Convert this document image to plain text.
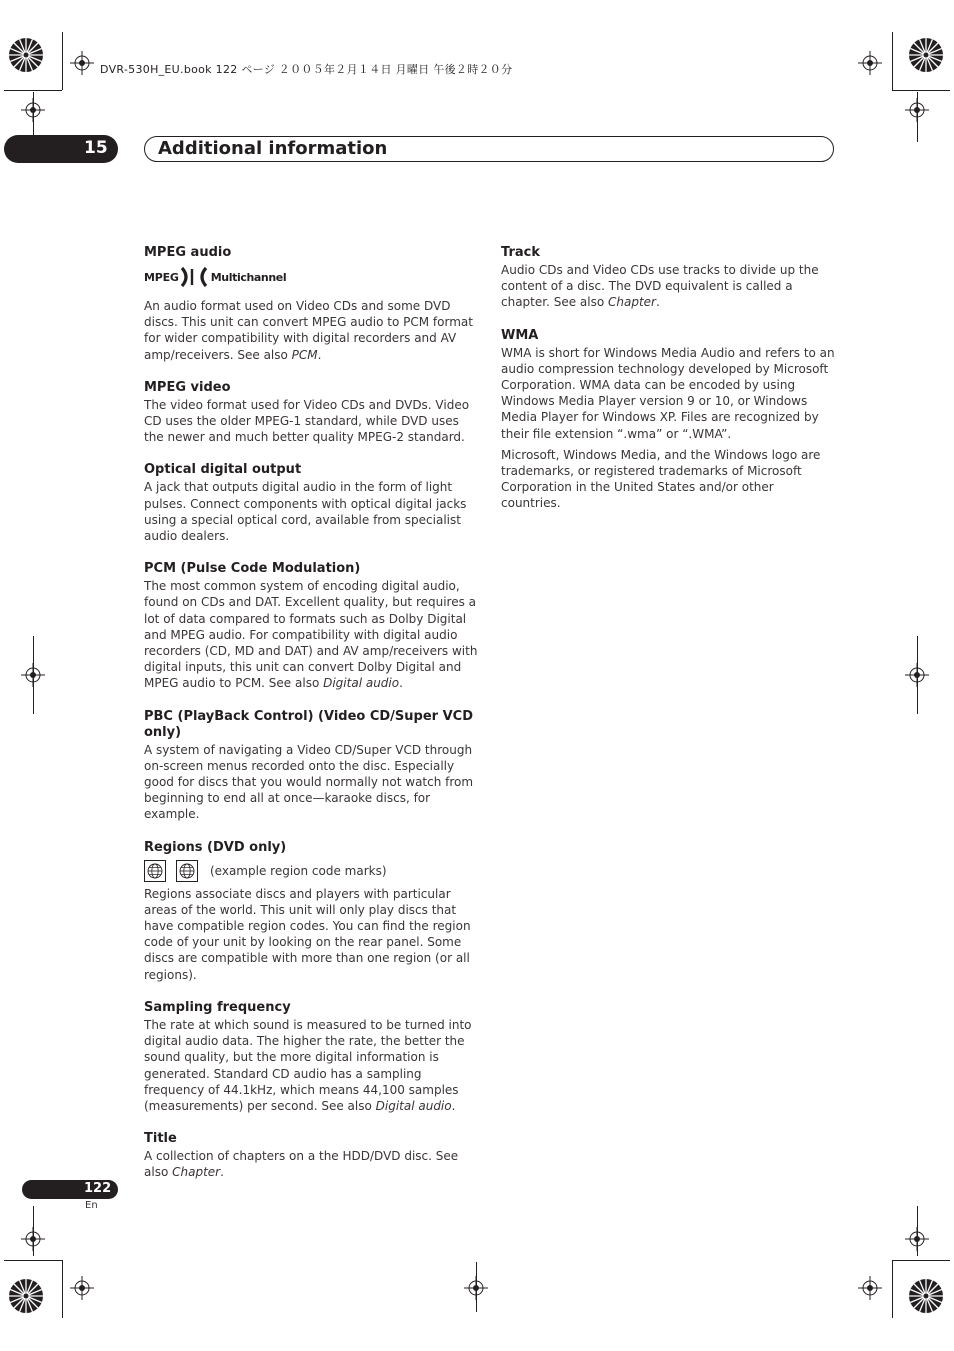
DVR-530H_EU.book 122 ページ ２００５年２月１４日 月曜日 午後２時２０分
15	Additional information

MPEG audio

MPEG	Multichannel

An audio format used on Video CDs and some DVD discs. This unit can convert MPEG audio to PCM format for wider compatibility with digital recorders and AV amp/receivers. See also PCM.

MPEG video

The video format used for Video CDs and DVDs. Video CD uses the older MPEG-1 standard, while DVD uses the newer and much better quality MPEG-2 standard.

Optical digital output

A jack that outputs digital audio in the form of light pulses. Connect components with optical digital jacks using a special optical cord, available from specialist audio dealers.

PCM (Pulse Code Modulation)

The most common system of encoding digital audio, found on CDs and DAT. Excellent quality, but requires a lot of data compared to formats such as Dolby Digital and MPEG audio. For compatibility with digital audio recorders (CD, MD and DAT) and AV amp/receivers with digital inputs, this unit can convert Dolby Digital and MPEG audio to PCM. See also Digital audio.

PBC (PlayBack Control) (Video CD/Super VCD only)

A system of navigating a Video CD/Super VCD through on-screen menus recorded onto the disc. Especially good for discs that you would normally not watch from beginning to end all at once—karaoke discs, for example.

Regions (DVD only)

(example region code marks)

Regions associate discs and players with particular areas of the world. This unit will only play discs that have compatible region codes. You can find the region code of your unit by looking on the rear panel. Some discs are compatible with more than one region (or all regions).

Sampling frequency

The rate at which sound is measured to be turned into digital audio data. The higher the rate, the better the sound quality, but the more digital information is generated. Standard CD audio has a sampling frequency of 44.1kHz, which means 44,100 samples (measurements) per second. See also Digital audio.

Title

A collection of chapters on a the HDD/DVD disc. See also Chapter.

Track

Audio CDs and Video CDs use tracks to divide up the content of a disc. The DVD equivalent is called a chapter. See also Chapter.

WMA

WMA is short for Windows Media Audio and refers to an audio compression technology developed by Microsoft Corporation. WMA data can be encoded by using Windows Media Player version 9 or 10, or Windows Media Player for Windows XP. Files are recognized by their file extension “.wma” or “.WMA”.

Microsoft, Windows Media, and the Windows logo are trademarks, or registered trademarks of Microsoft Corporation in the United States and/or other countries.

122
En
